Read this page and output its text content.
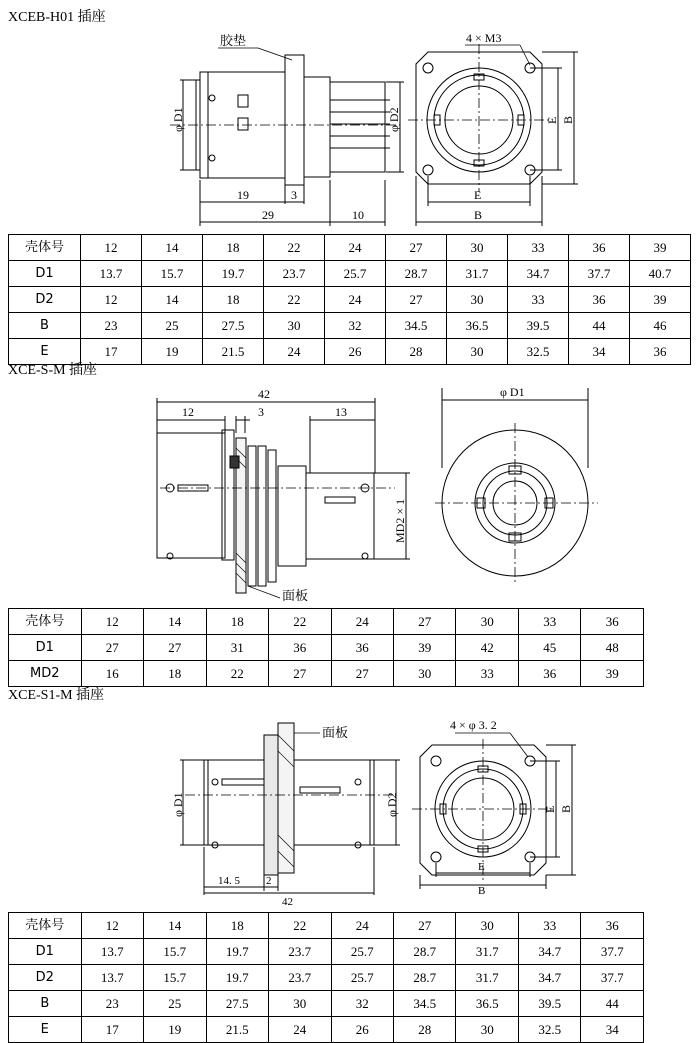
XCEB-H01 插座
φ D1	φ D2
胶垫
19	3
29	10
4 × M3
E B
E
B
壳体号	12	14	18	22	24	27	30	33	36	39
D1	13.7	15.7	19.7	23.7	25.7	28.7	31.7	34.7	37.7	40.7
D2	12	14	18	22	24	27	30	33	36	39
B	23	25	27.5	30	32	34.5	36.5	39.5	44	46
E	17	19	21.5	24	26	28	30	32.5	34	36
XCE-S-M 插座
42
12	3	13
MD2 × 1
面板
φ D1
壳体号	12	14	18	22	24	27	30	33	36
D1	27	27	31	36	36	39	42	45	48
MD2	16	18	22	27	27	30	33	36	39
XCE-S1-M 插座
φ D1	φ D2
面板
14. 5 2
42
4 × φ 3. 2
E B
E
B
壳体号	12	14	18	22	24	27	30	33	36
D1	13.7	15.7	19.7	23.7	25.7	28.7	31.7	34.7	37.7
D2	13.7	15.7	19.7	23.7	25.7	28.7	31.7	34.7	37.7
B	23	25	27.5	30	32	34.5	36.5	39.5	44
E	17	19	21.5	24	26	28	30	32.5	34
